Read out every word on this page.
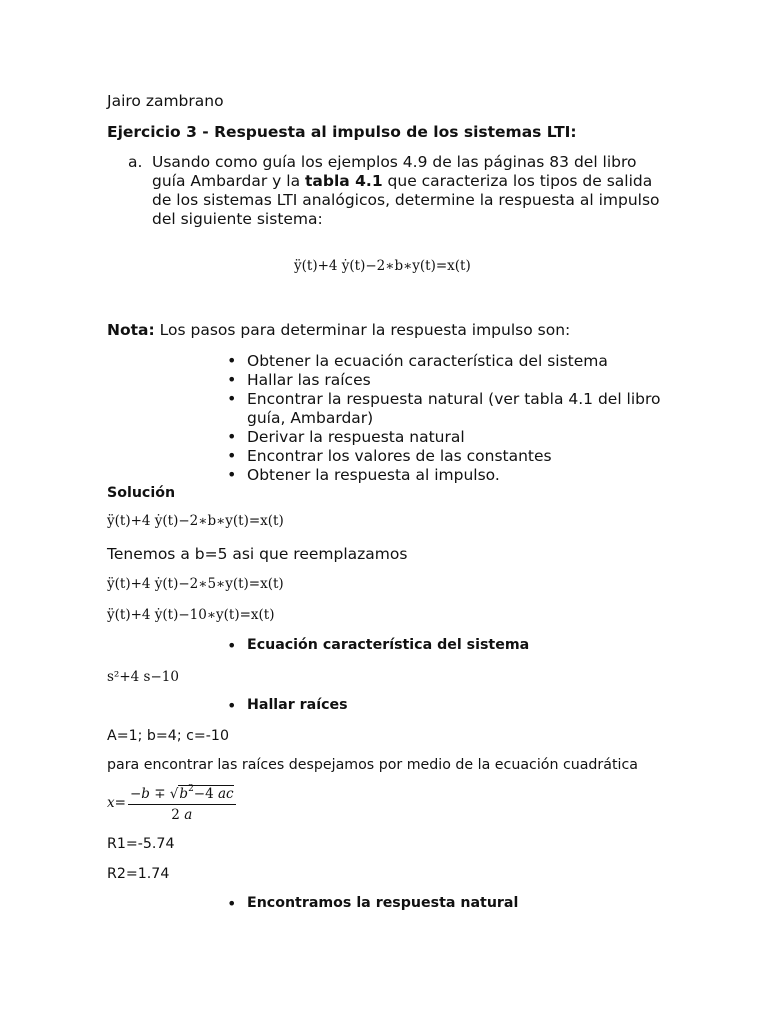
Jairo zambrano
Ejercicio 3 - Respuesta al impulso de los sistemas LTI:
a. Usando como guía los ejemplos 4.9 de las páginas 83 del libro
guía Ambardar y la tabla 4.1 que caracteriza los tipos de salida
de los sistemas LTI analógicos, determine la respuesta al impulso
del siguiente sistema:
ÿ(t)+4 ẏ(t)−2∗b∗y(t)=x(t)
Nota: Los pasos para determinar la respuesta impulso son:
• Obtener la ecuación característica del sistema
• Hallar las raíces
• Encontrar la respuesta natural (ver tabla 4.1 del libro
guía, Ambardar)
• Derivar la respuesta natural
• Encontrar los valores de las constantes
• Obtener la respuesta al impulso.
Solución
ÿ(t)+4 ẏ(t)−2∗b∗y(t)=x(t)
Tenemos a b=5 asi que reemplazamos
ÿ(t)+4 ẏ(t)−2∗5∗y(t)=x(t)
ÿ(t)+4 ẏ(t)−10∗y(t)=x(t)
• Ecuación característica del sistema
s²+4 s−10
• Hallar raíces
A=1; b=4; c=-10
para encontrar las raíces despejamos por medio de la ecuación cuadrática
$x= \frac{-b \mp √b^2-4 ac}{2 a}$
R1=-5.74
R2=1.74
• Encontramos la respuesta natural
